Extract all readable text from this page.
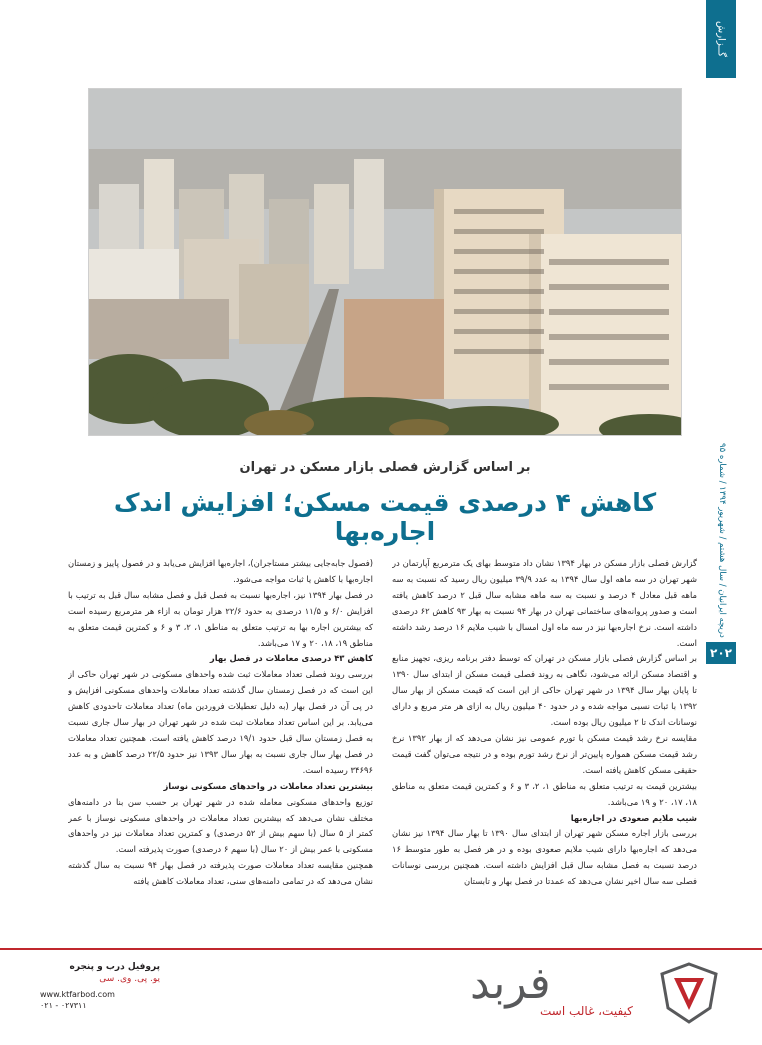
گــزارش
دریچه ایرانیان / سال هشتم / شهریور ۱۳۹۴ / شماره ۹۵
۲۰۲
بر اساس گزارش فصلی بازار مسکن در تهران
کاهش ۴ درصدی قیمت مسکن؛ افزایش اندک اجاره‌بها

گزارش فصلی بازار مسکن در بهار ۱۳۹۴ نشان داد متوسط بهای یک مترمربع آپارتمان در شهر تهران در سه ماهه اول سال ۱۳۹۴ به عدد ۳۹/۹ میلیون ریال رسید که نسبت به سه ماهه قبل معادل ۴ درصد و نسبت به سه ماهه مشابه سال قبل ۲ درصد کاهش یافته است و صدور پروانه‌های ساختمانی تهران در بهار ۹۴ نسبت به بهار ۹۳ کاهش ۶۲ درصدی داشته است. نرخ اجاره‌بها نیز در سه ماه اول امسال با شیب ملایم ۱۶ درصد رشد داشته است.

بر اساس گزارش فصلی بازار مسکن در تهران که توسط دفتر برنامه ریزی، تجهیز منابع و اقتصاد مسکن ارائه می‌شود، نگاهی به روند فصلی قیمت مسکن از ابتدای سال ۱۳۹۰ تا پایان بهار سال ۱۳۹۴ در شهر تهران حاکی از این است که قیمت مسکن از بهار سال ۱۳۹۲ با ثبات نسبی مواجه شده و در حدود ۴۰ میلیون ریال به ازای هر متر مربع و دارای نوسانات اندک تا ۲ میلیون ریال بوده است.

مقایسه نرخ رشد قیمت مسکن با تورم عمومی نیز نشان می‌دهد که از بهار ۱۳۹۲ نرخ رشد قیمت مسکن همواره پایین‌تر از نرخ رشد تورم بوده و در نتیجه می‌توان گفت قیمت حقیقی مسکن کاهش یافته است.

بیشترین قیمت به ترتیب متعلق به مناطق ۱، ۲، ۳ و ۶ و کمترین قیمت متعلق به مناطق ۱۸، ۱۷، ۲۰ و ۱۹ می‌باشد.

شیب ملایم صعودی در اجاره‌بها

بررسی بازار اجاره مسکن شهر تهران از ابتدای سال ۱۳۹۰ تا بهار سال ۱۳۹۴ نیز نشان می‌دهد که اجاره‌بها دارای شیب ملایم صعودی بوده و در هر فصل به طور متوسط ۱۶ درصد نسبت به فصل مشابه سال قبل افزایش داشته است. همچنین بررسی نوسانات فصلی سه سال اخیر نشان می‌دهد که عمدتا در فصل بهار و تابستان

(فصول جابه‌جایی بیشتر مستاجران)، اجاره‌بها افزایش می‌یابد و در فصول پاییز و زمستان اجاره‌بها با کاهش یا ثبات مواجه می‌شود.

در فصل بهار ۱۳۹۴ نیز، اجاره‌بها نسبت به فصل قبل و فصل مشابه سال قبل به ترتیب با افزایش ۶/۰ و ۱۱/۵ درصدی به حدود ۲۲/۶ هزار تومان به ازاء هر مترمربع رسیده است که بیشترین اجاره بها به ترتیب متعلق به مناطق ۱، ۲، ۳ و ۶ و کمترین قیمت متعلق به مناطق ۱۹، ۱۸، ۲۰ و ۱۷ می‌باشد.

کاهش ۴۳ درصدی معاملات در فصل بهار

بررسی روند فصلی تعداد معاملات ثبت شده واحدهای مسکونی در شهر تهران حاکی از این است که در فصل زمستان سال گذشته تعداد معاملات واحدهای مسکونی افزایش و در پی آن در فصل بهار (به دلیل تعطیلات فروردین ماه) تعداد معاملات تاحدودی کاهش می‌یابد. بر این اساس تعداد معاملات ثبت شده در شهر تهران در بهار سال جاری نسبت به فصل زمستان سال قبل حدود ۱۹/۱ درصد کاهش یافته است. همچنین تعداد معاملات در فصل بهار سال جاری نسبت به بهار سال ۱۳۹۳ نیز حدود ۲۲/۵ درصد کاهش و به عدد ۳۴۶۹۶ رسیده است.

بیشترین تعداد معاملات در واحدهای مسکونی نوساز

توزیع واحدهای مسکونی معامله شده در شهر تهران بر حسب سن بنا در دامنه‌های مختلف نشان می‌دهد که بیشترین تعداد معاملات در واحدهای مسکونی نوساز با عمر کمتر از ۵ سال (با سهم بیش از ۵۲ درصدی) و کمترین تعداد معاملات نیز در واحدهای مسکونی با عمر بیش از ۲۰ سال (با سهم ۶ درصدی) صورت پذیرفته است.

همچنین مقایسه تعداد معاملات صورت پذیرفته در فصل بهار ۹۴ نسبت به سال گذشته نشان می‌دهد که در تمامی دامنه‌های سنی، تعداد معاملات کاهش یافته

پروفیل درب و پنجره
یو. پی. وی. سی
www.ktfarbod.com
۰۲۱ - ۰۲۷۳۱۱	فربد
کیفیت، غالب است
